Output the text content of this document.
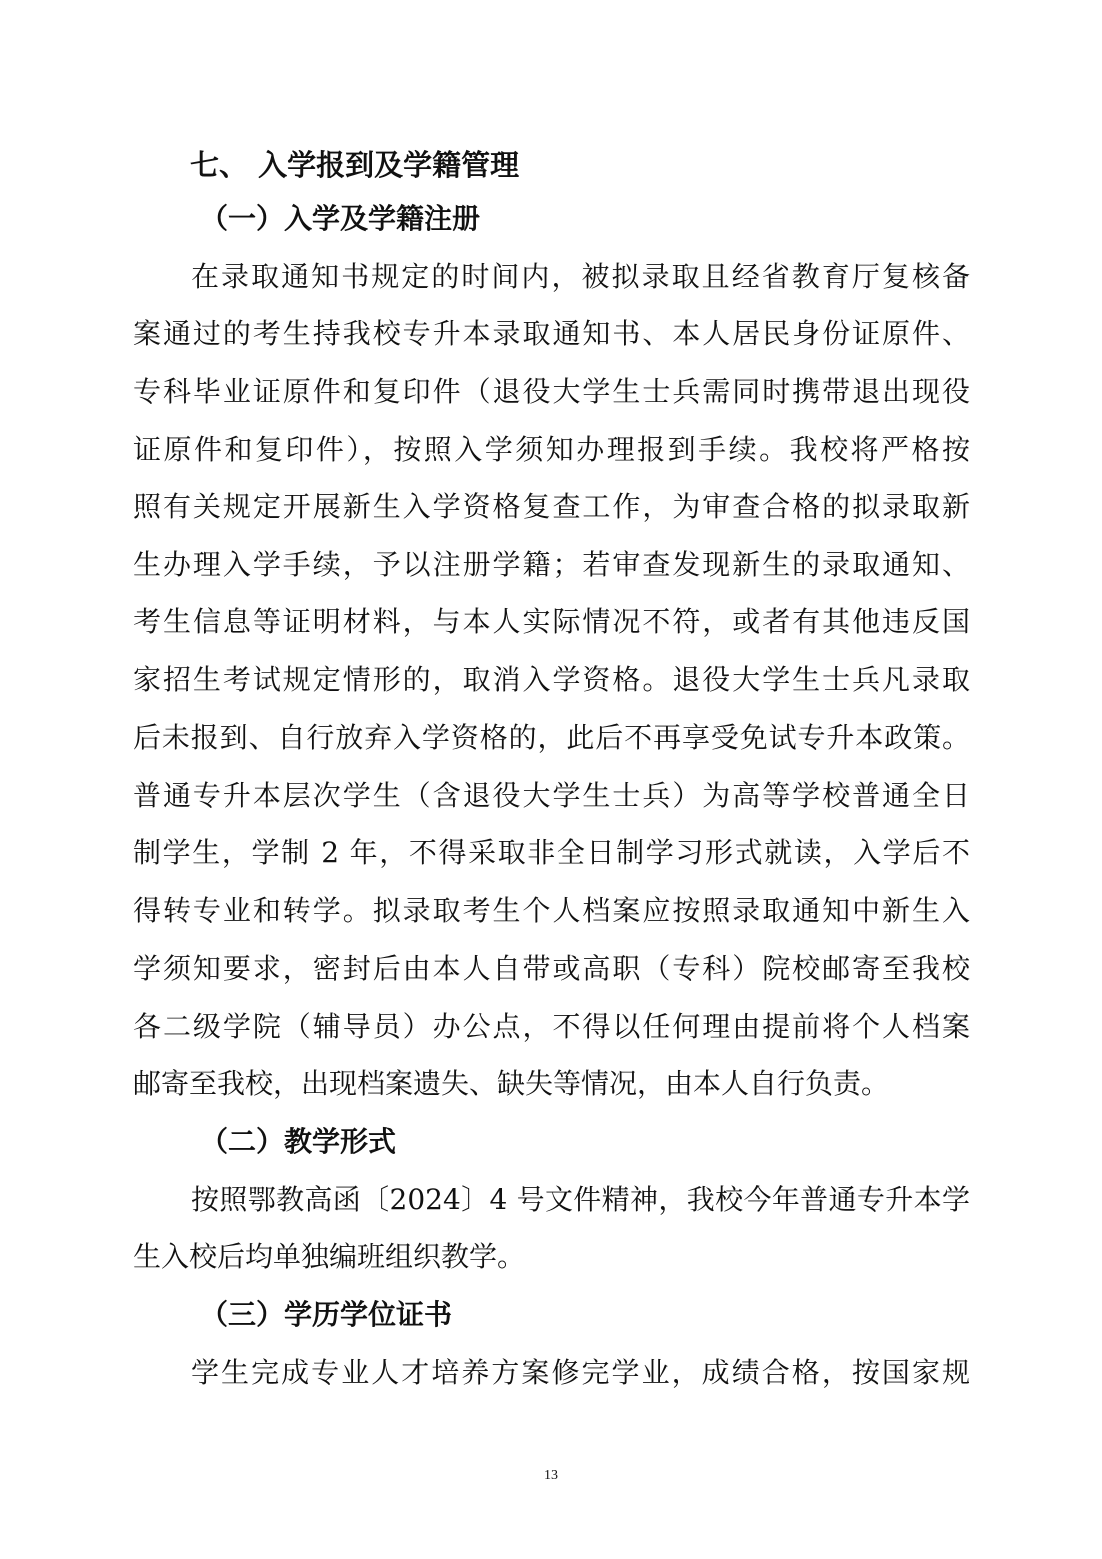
七、 入学报到及学籍管理
（一）入学及学籍注册
在录取通知书规定的时间内，被拟录取且经省教育厅复核备
案通过的考生持我校专升本录取通知书、本人居民身份证原件、
专科毕业证原件和复印件（退役大学生士兵需同时携带退出现役
证原件和复印件），按照入学须知办理报到手续。我校将严格按
照有关规定开展新生入学资格复查工作，为审查合格的拟录取新
生办理入学手续，予以注册学籍；若审查发现新生的录取通知、
考生信息等证明材料，与本人实际情况不符，或者有其他违反国
家招生考试规定情形的，取消入学资格。退役大学生士兵凡录取
后未报到、自行放弃入学资格的，此后不再享受免试专升本政策。
普通专升本层次学生（含退役大学生士兵）为高等学校普通全日
制学生，学制 2 年，不得采取非全日制学习形式就读，入学后不
得转专业和转学。拟录取考生个人档案应按照录取通知中新生入
学须知要求，密封后由本人自带或高职（专科）院校邮寄至我校
各二级学院（辅导员）办公点，不得以任何理由提前将个人档案
邮寄至我校，出现档案遗失、缺失等情况，由本人自行负责。
（二）教学形式
按照鄂教高函〔2024〕4 号文件精神，我校今年普通专升本学
生入校后均单独编班组织教学。
（三）学历学位证书
学生完成专业人才培养方案修完学业，成绩合格，按国家规
13
